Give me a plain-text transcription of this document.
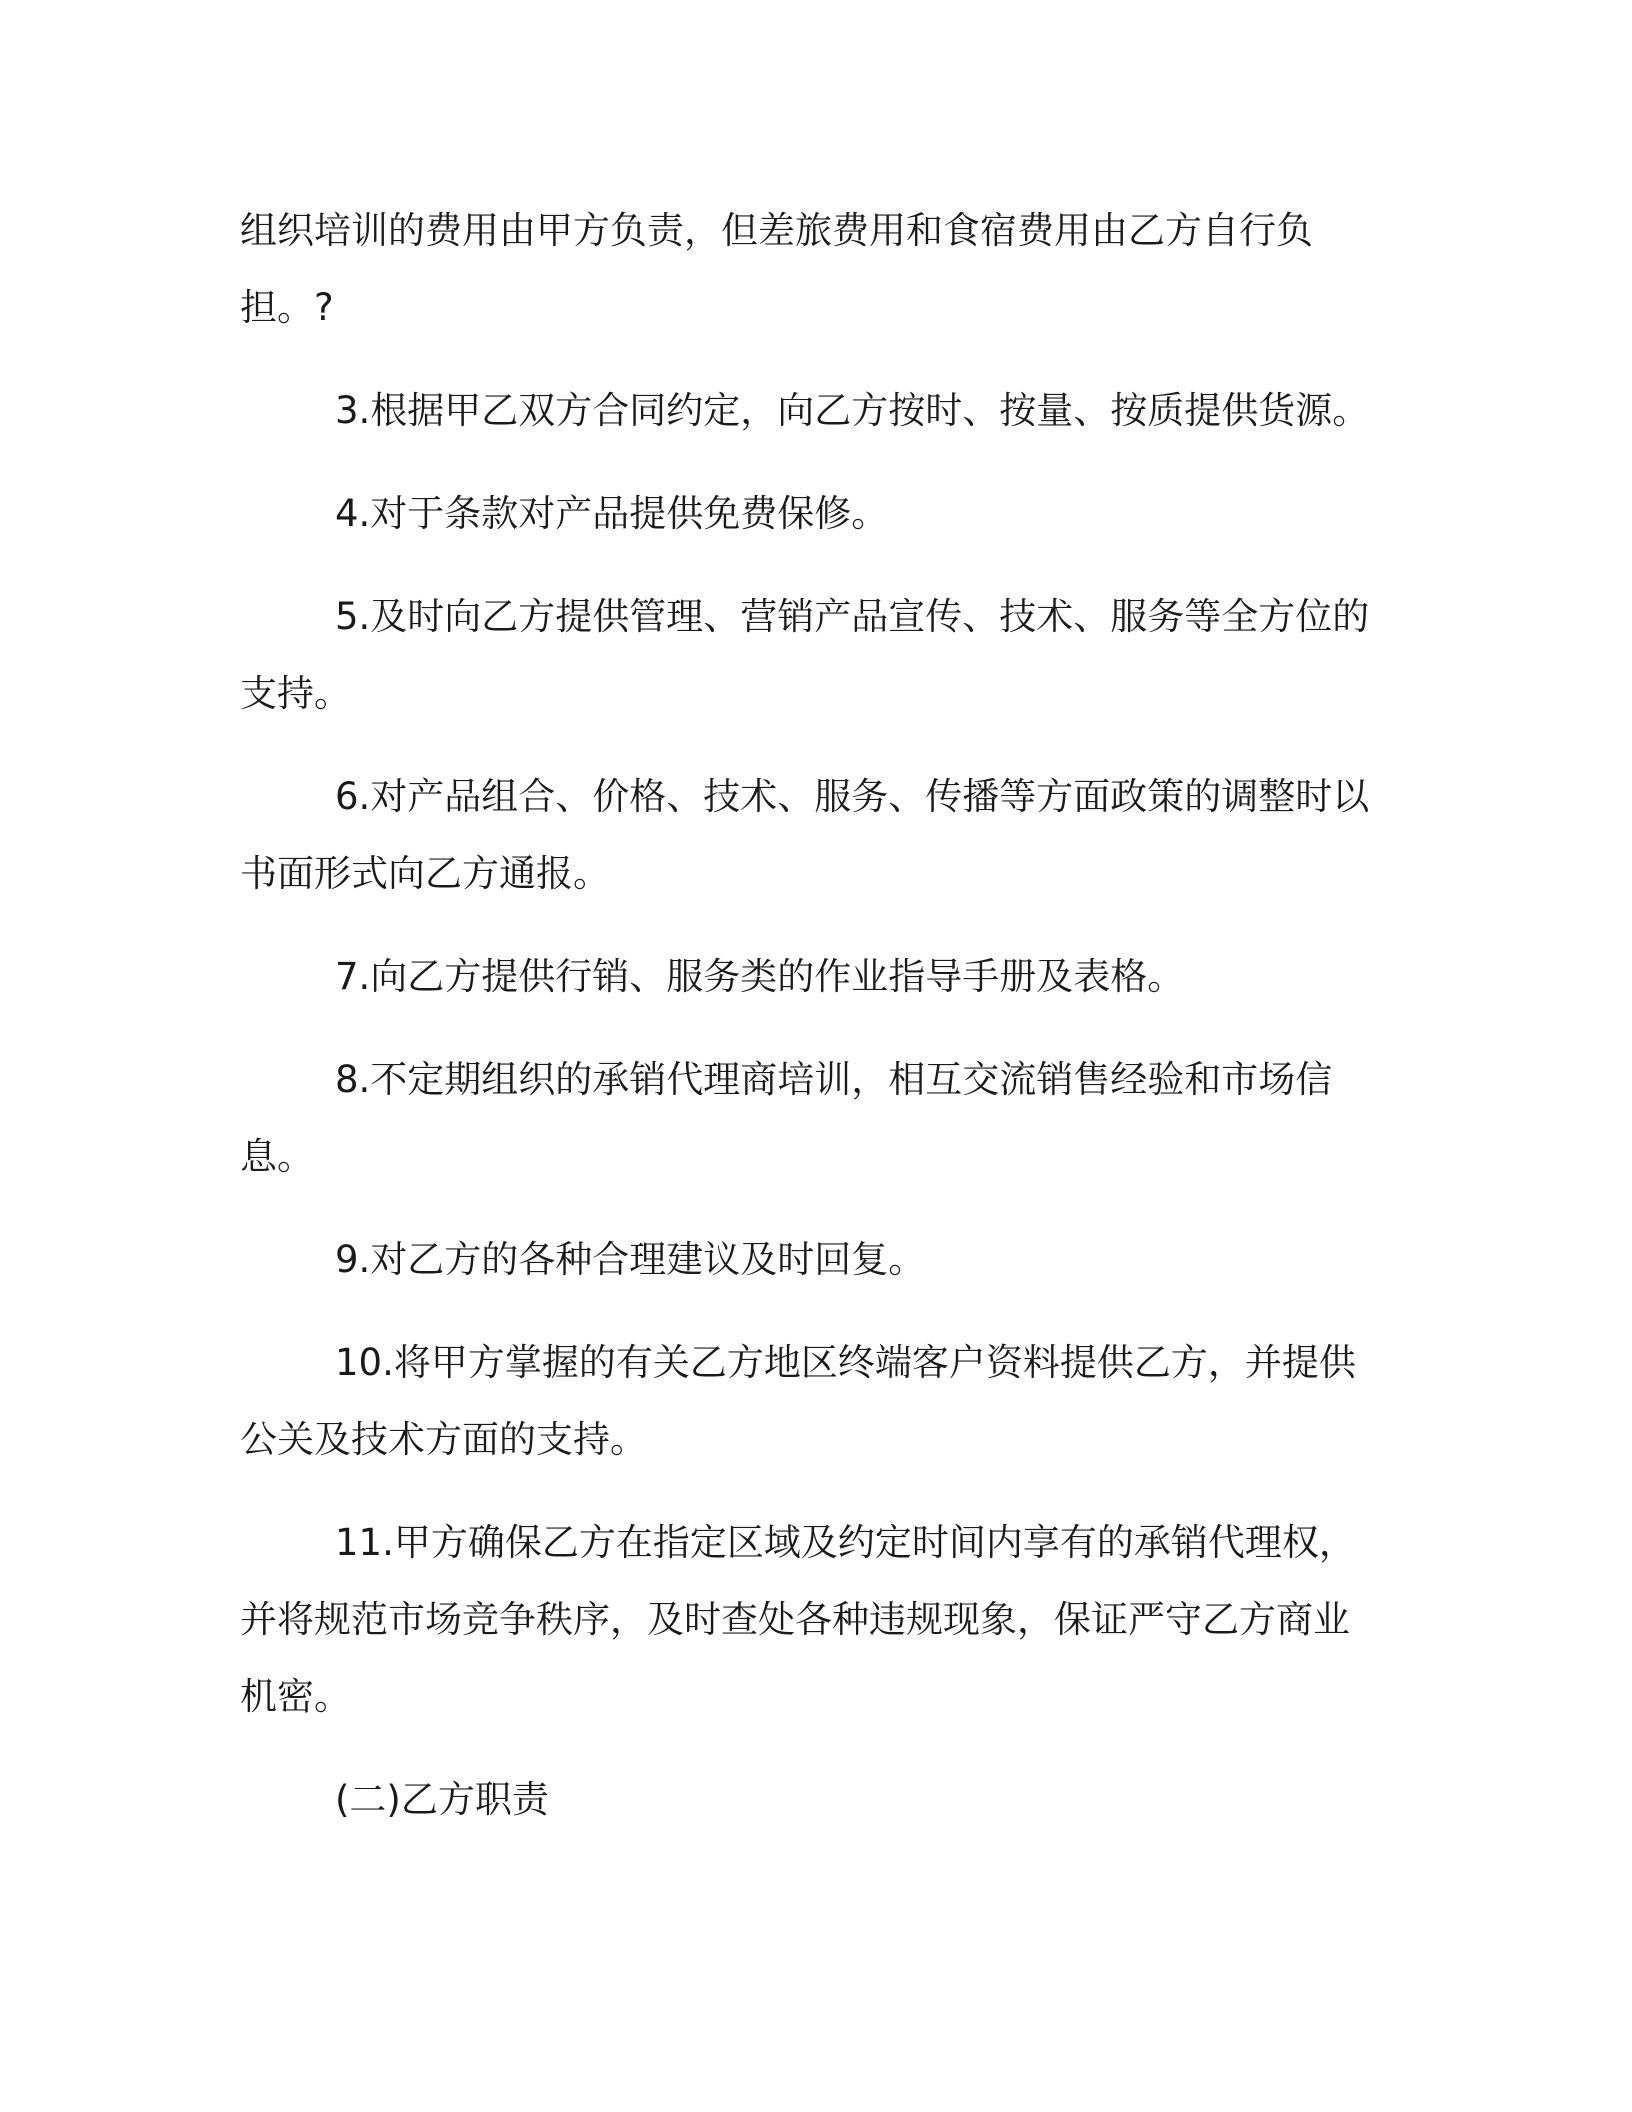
组织培训的费用由甲方负责，但差旅费用和食宿费用由乙方自行负担。?

3.根据甲乙双方合同约定，向乙方按时、按量、按质提供货源。

4.对于条款对产品提供免费保修。

5.及时向乙方提供管理、营销产品宣传、技术、服务等全方位的支持。

6.对产品组合、价格、技术、服务、传播等方面政策的调整时以书面形式向乙方通报。

7.向乙方提供行销、服务类的作业指导手册及表格。

8.不定期组织的承销代理商培训，相互交流销售经验和市场信息。

9.对乙方的各种合理建议及时回复。

10.将甲方掌握的有关乙方地区终端客户资料提供乙方，并提供公关及技术方面的支持。

11.甲方确保乙方在指定区域及约定时间内享有的承销代理权，并将规范市场竞争秩序，及时查处各种违规现象，保证严守乙方商业机密。

(二)乙方职责
